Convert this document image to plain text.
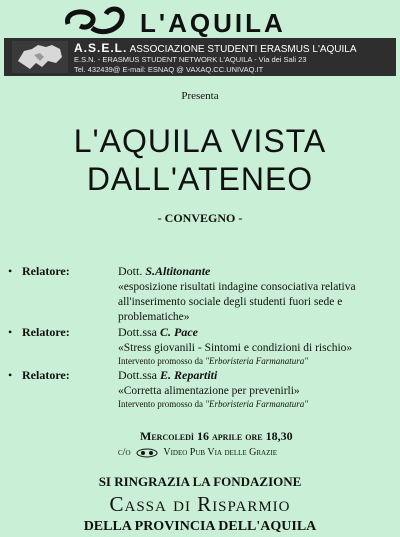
L'AQUILA
A.S.E.L. ASSOCIAZIONE STUDENTI ERASMUS L'AQUILA
E.S.N. - ERASMUS STUDENT NETWORK L'AQUILA - Via dei Sali 23
Tel. 432439@ E-mail: ESNAQ @ VAXAQ.CC.UNIVAQ.IT
Presenta
L'AQUILA VISTA
DALL'ATENEO
- CONVEGNO -
• Relatore:	Dott. S.Altitonante
«esposizione risultati indagine consociativa relativa
all'inserimento sociale degli studenti fuori sede e
problematiche»
• Relatore:	Dott.ssa C. Pace
«Stress giovanili - Sintomi e condizioni di rischio»
Intervento promosso da "Erboristeria Farmanatura"
• Relatore:	Dott.ssa E. Repartiti
«Corretta alimentazione per prevenirli»
Intervento promosso da "Erboristeria Farmanatura"
Mercoledì 16 aprile ore 18,30
c/o	Video Pub Via delle Grazie
SI RINGRAZIA LA FONDAZIONE
Cassa di Risparmio
DELLA PROVINCIA DELL'AQUILA
